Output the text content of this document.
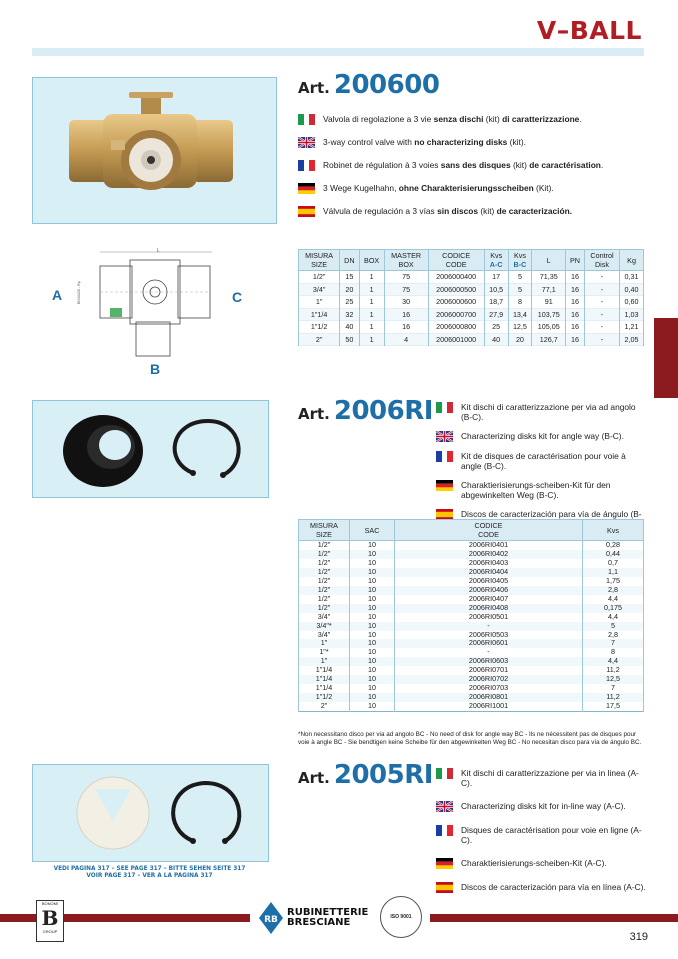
V–BALL
Art. 200600
Valvola di regolazione a 3 vie senza dischi (kit) di caratterizzazione.
3-way control valve with no characterizing disks (kit).
Robinet de régulation à 3 voies sans des disques (kit) de caractérisation.
3 Wege Kugelhahn, ohne Charakterisierungsscheiben (Kit).
Válvula de regulación a 3 vías sin discos (kit) de caracterización.
L
A	C
B
EN10226 - Rp
MISURA
SIZE	DN	BOX	MASTER
BOX	CODICE
CODE	Kvs
A-C	Kvs
B-C	L	PN	Control
Disk	Kg
1/2"	15	1	75	2006000400	17	5	71,35	16	-	0,31
3/4"	20	1	75	2006000500	10,5	5	77,1	16	-	0,40
1"	25	1	30	2006000600	18,7	8	91	16	-	0,60
1"1/4	32	1	16	2006000700	27,9	13,4	103,75	16	-	1,03
1"1/2	40	1	16	2006000800	25	12,5	105,05	16	-	1,21
2"	50	1	4	2006001000	40	20	126,7	16	-	2,05
Art. 2006RI	Kit dischi di caratterizzazione per via ad angolo (B-C).
Characterizing disks kit for angle way (B-C).
Kit de disques de caractérisation pour voie à angle (B-C).
Charaktierisierungs-scheiben-Kit für den abgewinkelten Weg (B-C).
Discos de caracterización para vía de ángulo (B-
MISURA
SIZE	SAC	CODICE
CODE	Kvs
1/2"	10	2006RI0401	0,28
1/2"	10	2006RI0402	0,44
1/2"	10	2006RI0403	0,7
1/2"	10	2006RI0404	1,1
1/2"	10	2006RI0405	1,75
1/2"	10	2006RI0406	2,8
1/2"	10	2006RI0407	4,4
1/2"	10	2006RI0408	0,175
3/4"	10	2006RI0501	4,4
3/4"*	10	-	5
3/4"	10	2006RI0503	2,8
1"	10	2006RI0601	7
1"*	10	-	8
1"	10	2006RI0603	4,4
1"1/4	10	2006RI0701	11,2
1"1/4	10	2006RI0702	12,5
1"1/4	10	2006RI0703	7
1"1/2	10	2006RI0801	11,2
2"	10	2006RI1001	17,5
*Non necessitano disco per via ad angolo BC - No need of disk for angle way BC - Ils ne nécessitent pas de disques pour voie à angle BC - Sie bendtigen keine Scheibe für den abgewinkelten Weg BC - No necesitan disco para vía de ángulo BC.
VEDI PAGINA 317 – SEE PAGE 317 – BITTE SEHEN SEITE 317
VOIR PAGE 317 – VER A LA PAGINA 317
Art. 2005RI	Kit dischi di caratterizzazione per via in linea (A-C).
Characterizing disks kit for in-line way (A-C).
Disques de caractérisation pour voie en ligne (A-C).
Charaktierisierungs-scheiben-Kit (A-C).
Discos de caracterización para vía en línea (A-C).
BONOMI
B
GROUP
RB
RUBINETTERIE
BRESCIANE	ISO 9001
319
